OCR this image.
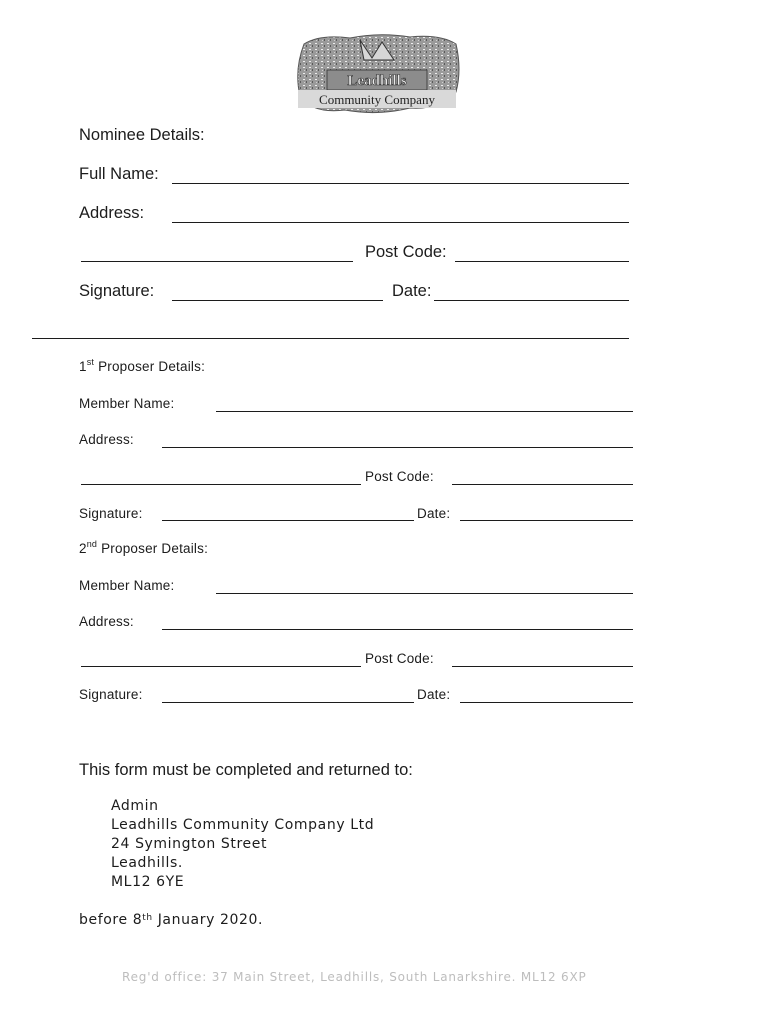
Leadhills
Community Company
Nominee Details:
Full Name:
Address:
Post Code:
Signature:	Date:
1st Proposer Details:
Member Name:
Address:
Post Code:
Signature:	Date:
2nd Proposer Details:
Member Name:
Address:
Post Code:
Signature:	Date:
This form must be completed and returned to:
Admin
Leadhills Community Company Ltd
24 Symington Street
Leadhills.
ML12 6YE
before 8th January 2020.
Reg'd office: 37 Main Street, Leadhills, South Lanarkshire. ML12 6XP
